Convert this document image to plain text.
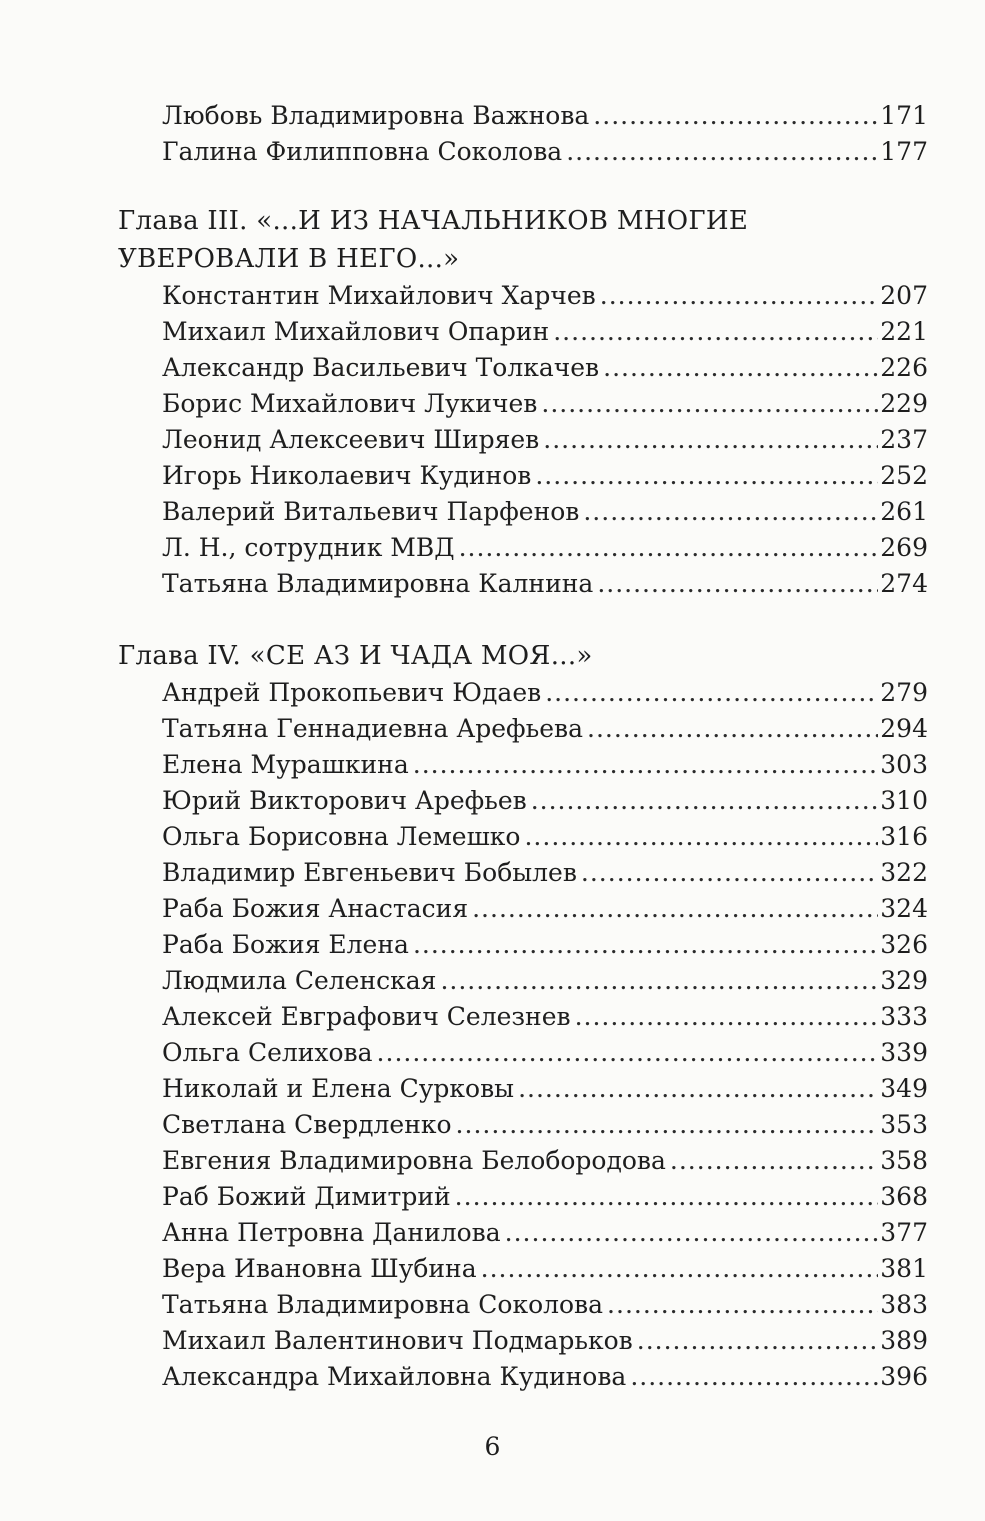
Любовь Владимировна Важнова .....	171
Галина Филипповна Соколова .....	177
Глава III. «...И ИЗ НАЧАЛЬНИКОВ МНОГИЕ
УВЕРОВАЛИ В НЕГО...»
Константин Михайлович Харчев .....	207
Михаил Михайлович Опарин .....	221
Александр Васильевич Толкачев .....	226
Борис Михайлович Лукичев .....	229
Леонид Алексеевич Ширяев .....	237
Игорь Николаевич Кудинов .....	252
Валерий Витальевич Парфенов .....	261
Л. Н., сотрудник МВД .....	269
Татьяна Владимировна Калнина .....	274
Глава IV. «СЕ АЗ И ЧАДА МОЯ...»
Андрей Прокопьевич Юдаев .....	279
Татьяна Геннадиевна Арефьева .....	294
Елена Мурашкина .....	303
Юрий Викторович Арефьев .....	310
Ольга Борисовна Лемешко .....	316
Владимир Евгеньевич Бобылев .....	322
Раба Божия Анастасия .....	324
Раба Божия Елена .....	326
Людмила Селенская .....	329
Алексей Евграфович Селезнев .....	333
Ольга Селихова .....	339
Николай и Елена Сурковы .....	349
Светлана Свердленко .....	353
Евгения Владимировна Белобородова .....	358
Раб Божий Димитрий .....	368
Анна Петровна Данилова .....	377
Вера Ивановна Шубина .....	381
Татьяна Владимировна Соколова .....	383
Михаил Валентинович Подмарьков .....	389
Александра Михайловна Кудинова .....	396
6
